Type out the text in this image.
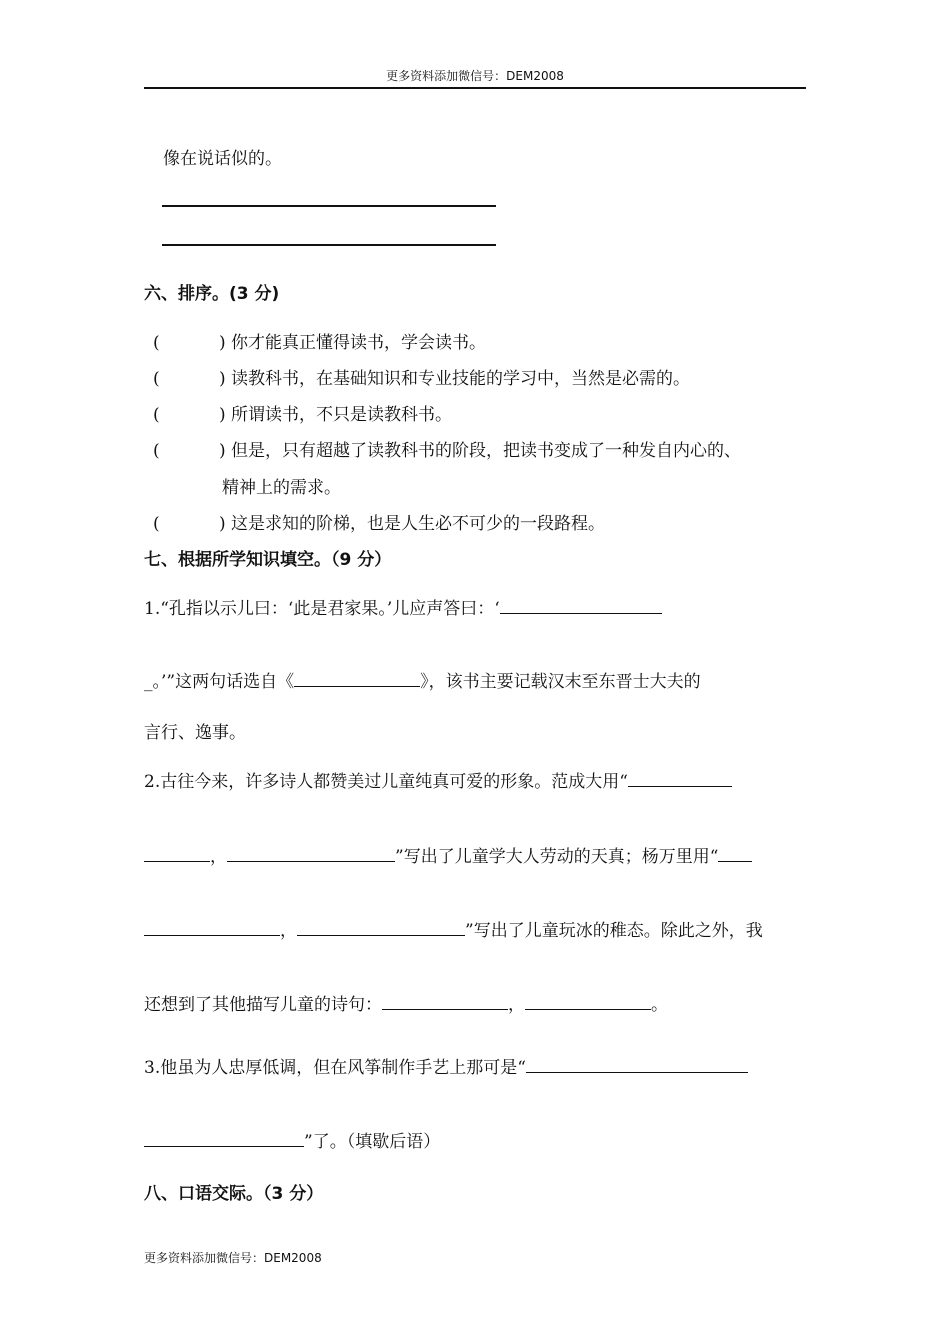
更多资料添加微信号：DEM2008
像在说话似的。
六、排序。(3 分)
(	) 你才能真正懂得读书，学会读书。
(	) 读教科书，在基础知识和专业技能的学习中，当然是必需的。
(	) 所谓读书，不只是读教科书。
(	) 但是，只有超越了读教科书的阶段，把读书变成了一种发自内心的、
精神上的需求。
(	) 这是求知的阶梯，也是人生必不可少的一段路程。
七、根据所学知识填空。（9 分）
1.“孔指以示儿曰：‘此是君家果。’儿应声答曰：‘
_。’”这两句话选自《	》，该书主要记载汉末至东晋士大夫的
言行、逸事。
2.古往今来，许多诗人都赞美过儿童纯真可爱的形象。范成大用“
，	”写出了儿童学大人劳动的天真；杨万里用“
，	”写出了儿童玩冰的稚态。除此之外，我
还想到了其他描写儿童的诗句：	，	。
3.他虽为人忠厚低调，但在风筝制作手艺上那可是“
”了。（填歇后语）
八、口语交际。（3 分）
更多资料添加微信号：DEM2008
